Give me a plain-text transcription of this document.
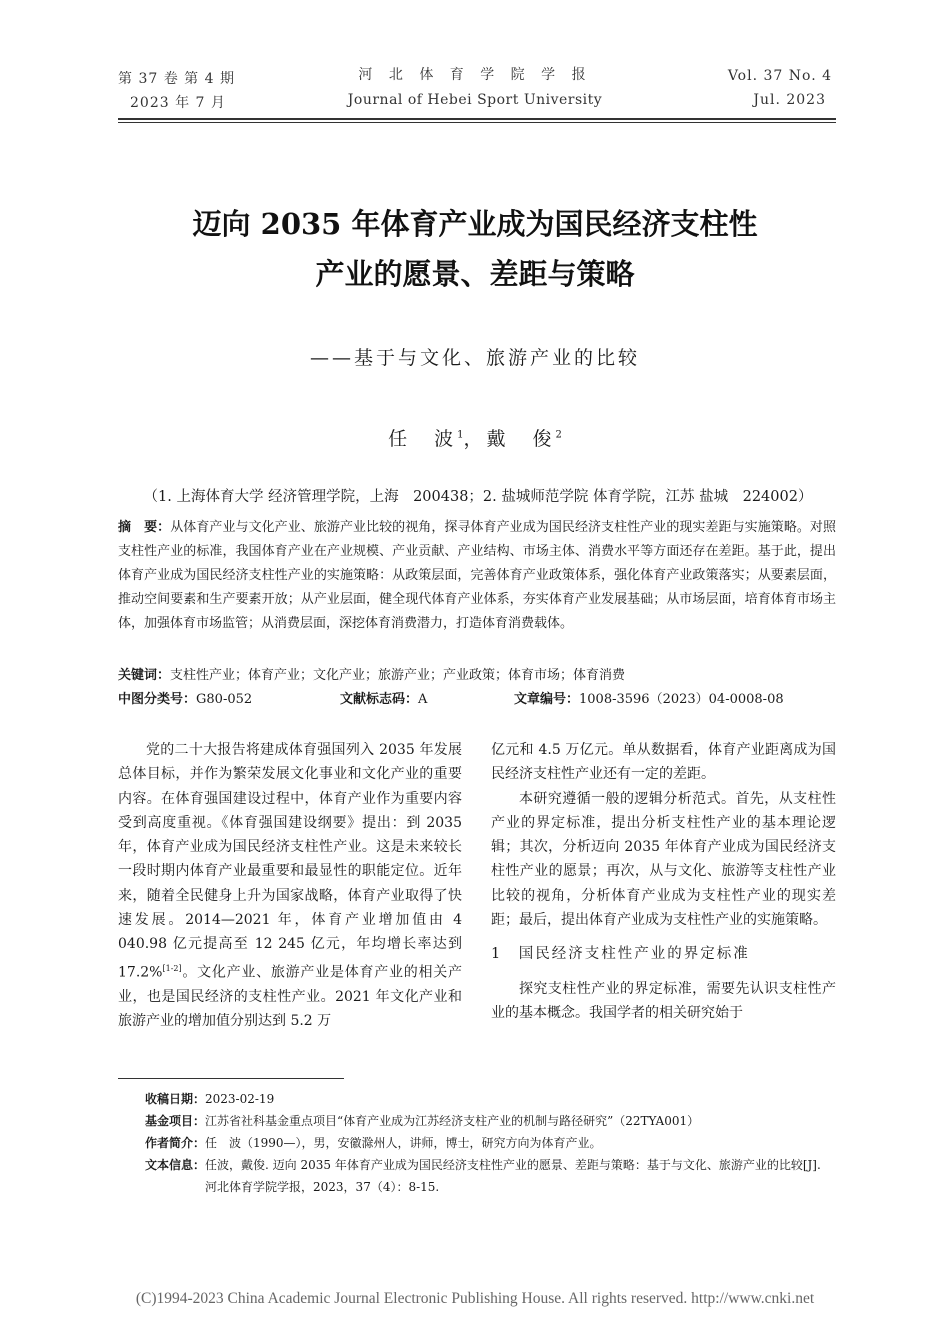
第 37 卷 第 4 期
2023 年 7 月
河 北 体 育 学 院 学 报
Journal of Hebei Sport University
Vol. 37 No. 4
Jul. 2023
迈向 2035 年体育产业成为国民经济支柱性
产业的愿景、差距与策略
——基于与文化、旅游产业的比较
任　波$^1$，戴　俊$^2$
（1. 上海体育大学 经济管理学院，上海　200438；2. 盐城师范学院 体育学院，江苏 盐城　224002）
摘　要：从体育产业与文化产业、旅游产业比较的视角，探寻体育产业成为国民经济支柱性产业的现实差距与实施策略。对照支柱性产业的标准，我国体育产业在产业规模、产业贡献、产业结构、市场主体、消费水平等方面还存在差距。基于此，提出体育产业成为国民经济支柱性产业的实施策略：从政策层面，完善体育产业政策体系，强化体育产业政策落实；从要素层面，推动空间要素和生产要素开放；从产业层面，健全现代体育产业体系，夯实体育产业发展基础；从市场层面，培育体育市场主体，加强体育市场监管；从消费层面，深挖体育消费潜力，打造体育消费载体。
关键词：支柱性产业；体育产业；文化产业；旅游产业；产业政策；体育市场；体育消费
中图分类号：G80-052	文献标志码：A	文章编号：1008-3596（2023）04-0008-08

党的二十大报告将建成体育强国列入 2035 年发展总体目标，并作为繁荣发展文化事业和文化产业的重要内容。在体育强国建设过程中，体育产业作为重要内容受到高度重视。《体育强国建设纲要》提出：到 2035 年，体育产业成为国民经济支柱性产业。这是未来较长一段时期内体育产业最重要和最显性的职能定位。近年来，随着全民健身上升为国家战略，体育产业取得了快速发展。2014—2021 年，体育产业增加值由 4 040.98 亿元提高至 12 245 亿元，年均增长率达到 17.2%[1-2]。文化产业、旅游产业是体育产业的相关产业，也是国民经济的支柱性产业。2021 年文化产业和旅游产业的增加值分别达到 5.2 万

亿元和 4.5 万亿元。单从数据看，体育产业距离成为国民经济支柱性产业还有一定的差距。

本研究遵循一般的逻辑分析范式。首先，从支柱性产业的界定标准，提出分析支柱性产业的基本理论逻辑；其次，分析迈向 2035 年体育产业成为国民经济支柱性产业的愿景；再次，从与文化、旅游等支柱性产业比较的视角，分析体育产业成为支柱性产业的现实差距；最后，提出体育产业成为支柱性产业的实施策略。

1　国民经济支柱性产业的界定标准

探究支柱性产业的界定标准，需要先认识支柱性产业的基本概念。我国学者的相关研究始于

收稿日期： 2023-02-19
基金项目： 江苏省社科基金重点项目“体育产业成为江苏经济支柱产业的机制与路径研究”（22TYA001）
作者简介： 任　波（1990—），男，安徽滁州人，讲师，博士，研究方向为体育产业。
文本信息： 任波，戴俊. 迈向 2035 年体育产业成为国民经济支柱性产业的愿景、差距与策略：基于与文化、旅游产业的比较[J]. 河北体育学院学报，2023，37（4）：8-15.
(C)1994-2023 China Academic Journal Electronic Publishing House. All rights reserved. http://www.cnki.net
